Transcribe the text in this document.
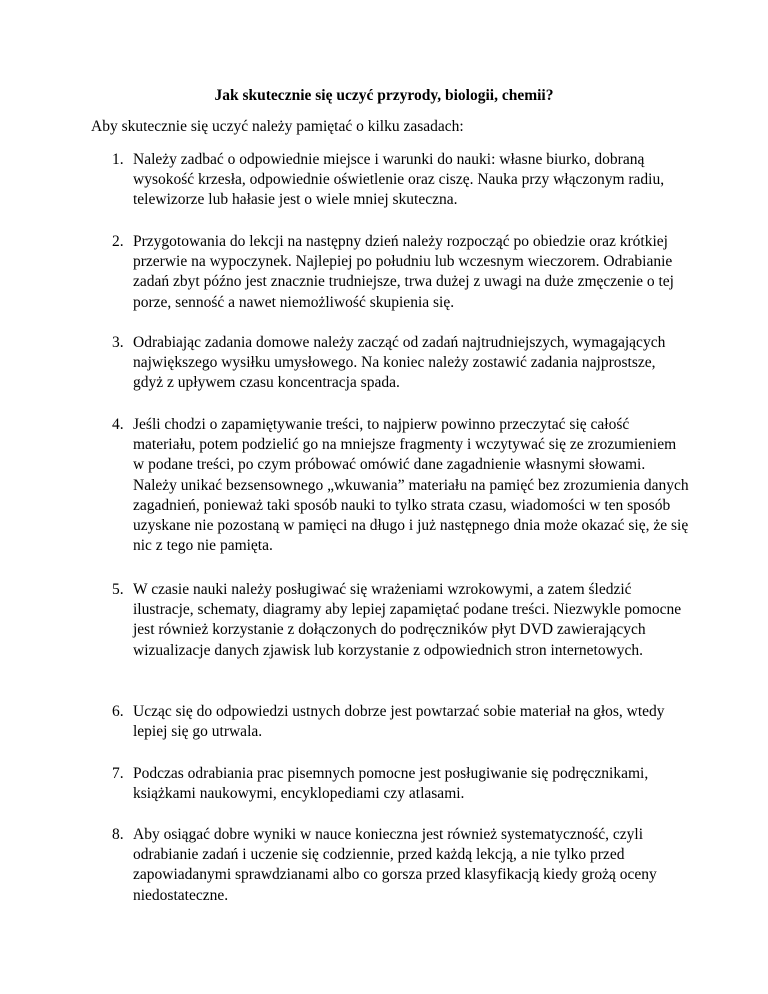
Jak skutecznie się uczyć przyrody, biologii, chemii?
Aby skutecznie się uczyć należy pamiętać o kilku zasadach:
1. Należy zadbać o odpowiednie miejsce i warunki do nauki: własne biurko, dobraną wysokość krzesła, odpowiednie oświetlenie oraz ciszę. Nauka przy włączonym radiu, telewizorze lub hałasie jest o wiele mniej skuteczna.
2. Przygotowania do lekcji na następny dzień należy rozpocząć po obiedzie oraz krótkiej przerwie na wypoczynek. Najlepiej po południu lub wczesnym wieczorem. Odrabianie zadań zbyt późno jest znacznie trudniejsze, trwa dużej z uwagi na duże zmęczenie o tej porze, senność a nawet niemożliwość skupienia się.
3. Odrabiając zadania domowe należy zacząć od zadań najtrudniejszych, wymagających największego wysiłku umysłowego. Na koniec należy zostawić zadania najprostsze, gdyż z upływem czasu koncentracja spada.
4. Jeśli chodzi o zapamiętywanie treści, to najpierw powinno przeczytać się całość materiału, potem podzielić go na mniejsze fragmenty i wczytywać się ze zrozumieniem w podane treści, po czym próbować omówić dane zagadnienie własnymi słowami. Należy unikać bezsensownego „wkuwania” materiału na pamięć bez zrozumienia danych zagadnień, ponieważ taki sposób nauki to tylko strata czasu, wiadomości w ten sposób uzyskane nie pozostaną w pamięci na długo i już następnego dnia może okazać się, że się nic z tego nie pamięta.
5. W czasie nauki należy posługiwać się wrażeniami wzrokowymi, a zatem śledzić ilustracje, schematy, diagramy aby lepiej zapamiętać podane treści. Niezwykle pomocne jest również korzystanie z dołączonych do podręczników płyt DVD zawierających wizualizacje danych zjawisk lub korzystanie z odpowiednich stron internetowych.
6. Ucząc się do odpowiedzi ustnych dobrze jest powtarzać sobie materiał na głos, wtedy lepiej się go utrwala.
7. Podczas odrabiania prac pisemnych pomocne jest posługiwanie się podręcznikami, książkami naukowymi, encyklopediami czy atlasami.
8. Aby osiągać dobre wyniki w nauce konieczna jest również systematyczność, czyli odrabianie zadań i uczenie się codziennie, przed każdą lekcją, a nie tylko przed zapowiadanymi sprawdzianami albo co gorsza przed klasyfikacją kiedy grożą oceny niedostateczne.
